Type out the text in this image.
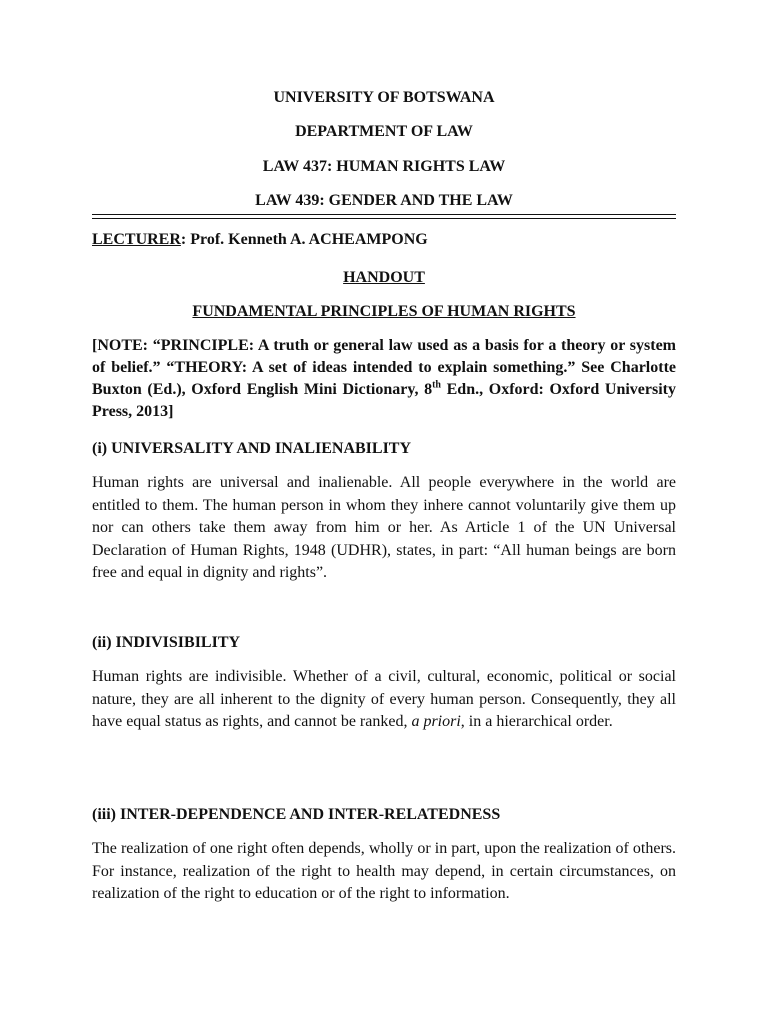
UNIVERSITY OF BOTSWANA

DEPARTMENT OF LAW

LAW 437: HUMAN RIGHTS LAW

LAW 439: GENDER AND THE LAW

LECTURER: Prof. Kenneth A. ACHEAMPONG
HANDOUT
FUNDAMENTAL PRINCIPLES OF HUMAN RIGHTS
[NOTE: “PRINCIPLE: A truth or general law used as a basis for a theory or system of belief.” “THEORY: A set of ideas intended to explain something.” See Charlotte Buxton (Ed.), Oxford English Mini Dictionary, 8th Edn., Oxford: Oxford University Press, 2013]
(i) UNIVERSALITY AND INALIENABILITY
Human rights are universal and inalienable. All people everywhere in the world are entitled to them. The human person in whom they inhere cannot voluntarily give them up nor can others take them away from him or her. As Article 1 of the UN Universal Declaration of Human Rights, 1948 (UDHR), states, in part: “All human beings are born free and equal in dignity and rights”.
(ii) INDIVISIBILITY
Human rights are indivisible. Whether of a civil, cultural, economic, political or social nature, they are all inherent to the dignity of every human person. Consequently, they all have equal status as rights, and cannot be ranked, a priori, in a hierarchical order.
(iii) INTER-DEPENDENCE AND INTER-RELATEDNESS
The realization of one right often depends, wholly or in part, upon the realization of others. For instance, realization of the right to health may depend, in certain circumstances, on realization of the right to education or of the right to information.
